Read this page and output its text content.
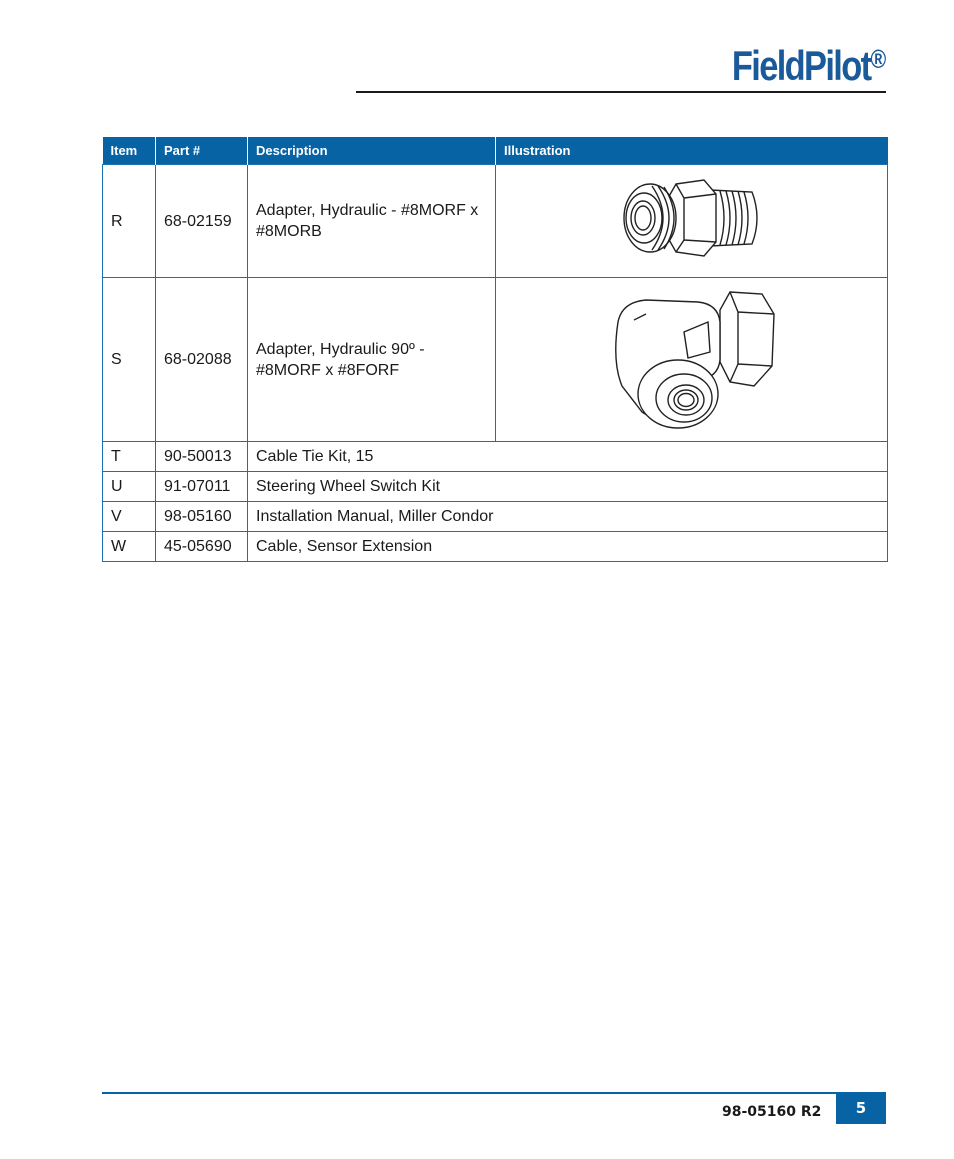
FieldPilot®
Item	Part #	Description	Illustration
R	68-02159	Adapter, Hydraulic - #8MORF x #8MORB	
S	68-02088	Adapter, Hydraulic 90º - #8MORF x #8FORF	
T	90-50013	Cable Tie Kit, 15	
U	91-07011	Steering Wheel Switch Kit	
V	98-05160	Installation Manual, Miller Condor	
W	45-05690	Cable, Sensor Extension	
98-05160 R2	5
